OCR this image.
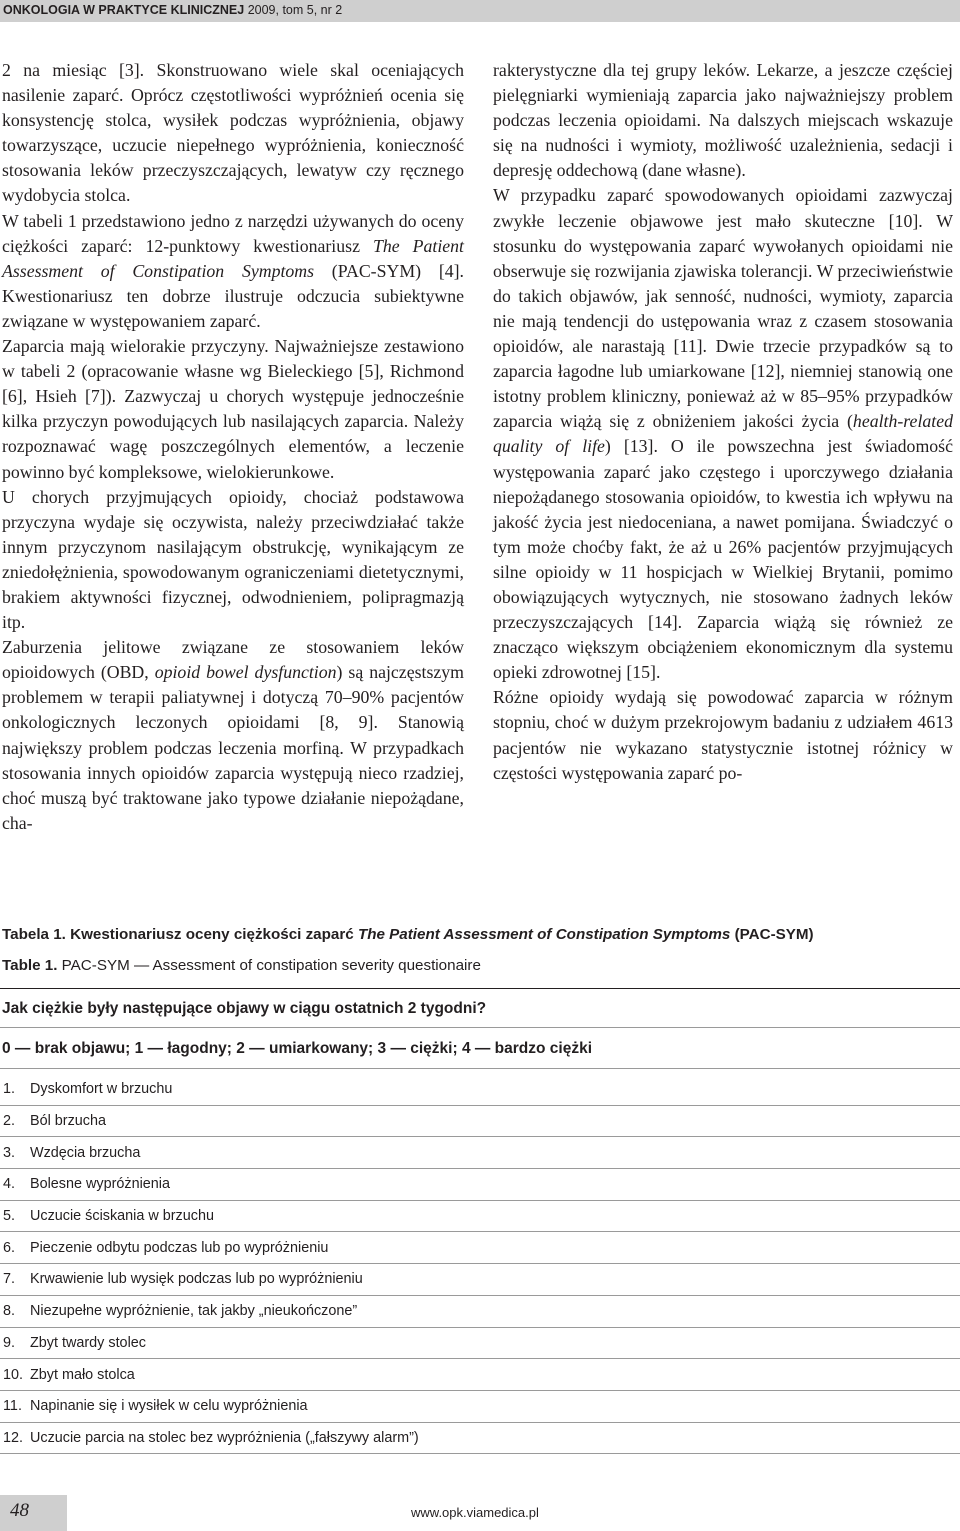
ONKOLOGIA W PRAKTYCE KLINICZNEJ 2009, tom 5, nr 2

2 na miesiąc [3]. Skonstruowano wiele skal oceniających nasilenie zaparć. Oprócz częstotliwości wypróżnień ocenia się konsystencję stolca, wysiłek podczas wypróżnienia, objawy towarzyszące, uczucie niepełnego wypróżnienia, konieczność stosowania leków przeczyszczających, lewatyw czy ręcznego wydobycia stolca.

W tabeli 1 przedstawiono jedno z narzędzi używanych do oceny ciężkości zaparć: 12-punktowy kwestionariusz The Patient Assessment of Constipation Symptoms (PAC-SYM) [4]. Kwestionariusz ten dobrze ilustruje odczucia subiektywne związane w występowaniem zaparć.

Zaparcia mają wielorakie przyczyny. Najważniejsze zestawiono w tabeli 2 (opracowanie własne wg Bieleckiego [5], Richmond [6], Hsieh [7]). Zazwyczaj u chorych występuje jednocześnie kilka przyczyn powodujących lub nasilających zaparcia. Należy rozpoznawać wagę poszczególnych elementów, a leczenie powinno być kompleksowe, wielokierunkowe.

U chorych przyjmujących opioidy, chociaż podstawowa przyczyna wydaje się oczywista, należy przeciwdziałać także innym przyczynom nasilającym obstrukcję, wynikającym ze zniedołężnienia, spowodowanym ograniczeniami dietetycznymi, brakiem aktywności fizycznej, odwodnieniem, polipragmazją itp.

Zaburzenia jelitowe związane ze stosowaniem leków opioidowych (OBD, opioid bowel dysfunction) są najczęstszym problemem w terapii paliatywnej i dotyczą 70–90% pacjentów onkologicznych leczonych opioidami [8, 9]. Stanowią największy problem podczas leczenia morfiną. W przypadkach stosowania innych opioidów zaparcia występują nieco rzadziej, choć muszą być traktowane jako typowe działanie niepożądane, cha-

rakterystyczne dla tej grupy leków. Lekarze, a jeszcze częściej pielęgniarki wymieniają zaparcia jako najważniejszy problem podczas leczenia opioidami. Na dalszych miejscach wskazuje się na nudności i wymioty, możliwość uzależnienia, sedacji i depresję oddechową (dane własne).

W przypadku zaparć spowodowanych opioidami zazwyczaj zwykłe leczenie objawowe jest mało skuteczne [10]. W stosunku do występowania zaparć wywołanych opioidami nie obserwuje się rozwijania zjawiska tolerancji. W przeciwieństwie do takich objawów, jak senność, nudności, wymioty, zaparcia nie mają tendencji do ustępowania wraz z czasem stosowania opioidów, ale narastają [11]. Dwie trzecie przypadków są to zaparcia łagodne lub umiarkowane [12], niemniej stanowią one istotny problem kliniczny, ponieważ aż w 85–95% przypadków zaparcia wiążą się z obniżeniem jakości życia (health-related quality of life) [13]. O ile powszechna jest świadomość występowania zaparć jako częstego i uporczywego działania niepożądanego stosowania opioidów, to kwestia ich wpływu na jakość życia jest niedoceniana, a nawet pomijana. Świadczyć o tym może choćby fakt, że aż u 26% pacjentów przyjmujących silne opioidy w 11 hospicjach w Wielkiej Brytanii, pomimo obowiązujących wytycznych, nie stosowano żadnych leków przeczyszczających [14]. Zaparcia wiążą się również ze znacząco większym obciążeniem ekonomicznym dla systemu opieki zdrowotnej [15].

Różne opioidy wydają się powodować zaparcia w różnym stopniu, choć w dużym przekrojowym badaniu z udziałem 4613 pacjentów nie wykazano statystycznie istotnej różnicy w częstości występowania zaparć po-

Tabela 1. Kwestionariusz oceny ciężkości zaparć The Patient Assessment of Constipation Symptoms (PAC-SYM)
Table 1. PAC-SYM — Assessment of constipation severity questionaire
Jak ciężkie były następujące objawy w ciągu ostatnich 2 tygodni?
0 — brak objawu; 1 — łagodny; 2 — umiarkowany; 3 — ciężki; 4 — bardzo ciężki
1.	Dyskomfort w brzuchu
2.	Ból brzucha
3.	Wzdęcia brzucha
4.	Bolesne wypróżnienia
5.	Uczucie ściskania w brzuchu
6.	Pieczenie odbytu podczas lub po wypróżnieniu
7.	Krwawienie lub wysięk podczas lub po wypróżnieniu
8.	Niezupełne wypróżnienie, tak jakby „nieukończone”
9.	Zbyt twardy stolec
10. Zbyt mało stolca
11. Napinanie się i wysiłek w celu wypróżnienia
12. Uczucie parcia na stolec bez wypróżnienia („fałszywy alarm”)
48	www.opk.viamedica.pl
